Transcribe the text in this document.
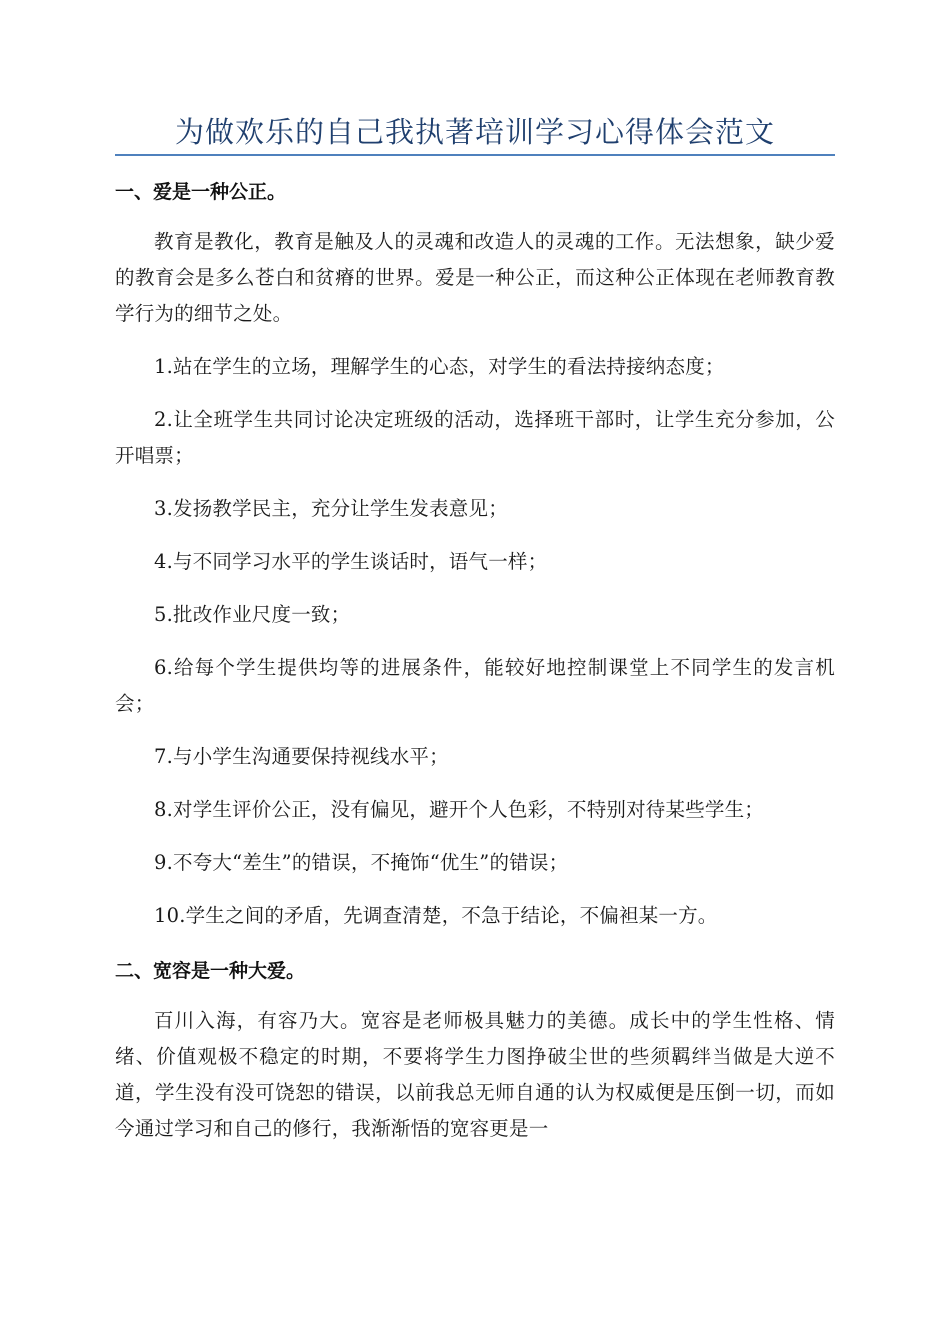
为做欢乐的自己我执著培训学习心得体会范文
一、爱是一种公正。

教育是教化，教育是触及人的灵魂和改造人的灵魂的工作。无法想象，缺少爱的教育会是多么苍白和贫瘠的世界。爱是一种公正，而这种公正体现在老师教育教学行为的细节之处。

1.站在学生的立场，理解学生的心态，对学生的看法持接纳态度；

2.让全班学生共同讨论决定班级的活动，选择班干部时，让学生充分参加，公开唱票；

3.发扬教学民主，充分让学生发表意见；

4.与不同学习水平的学生谈话时，语气一样；

5.批改作业尺度一致；

6.给每个学生提供均等的进展条件，能较好地控制课堂上不同学生的发言机会；

7.与小学生沟通要保持视线水平；

8.对学生评价公正，没有偏见，避开个人色彩，不特别对待某些学生；

9.不夸大“差生”的错误，不掩饰“优生”的错误；

10.学生之间的矛盾，先调查清楚，不急于结论，不偏袒某一方。

二、宽容是一种大爱。

百川入海，有容乃大。宽容是老师极具魅力的美德。成长中的学生性格、情绪、价值观极不稳定的时期，不要将学生力图挣破尘世的些须羁绊当做是大逆不道，学生没有没可饶恕的错误，以前我总无师自通的认为权威便是压倒一切，而如今通过学习和自己的修行，我渐渐悟的宽容更是一
